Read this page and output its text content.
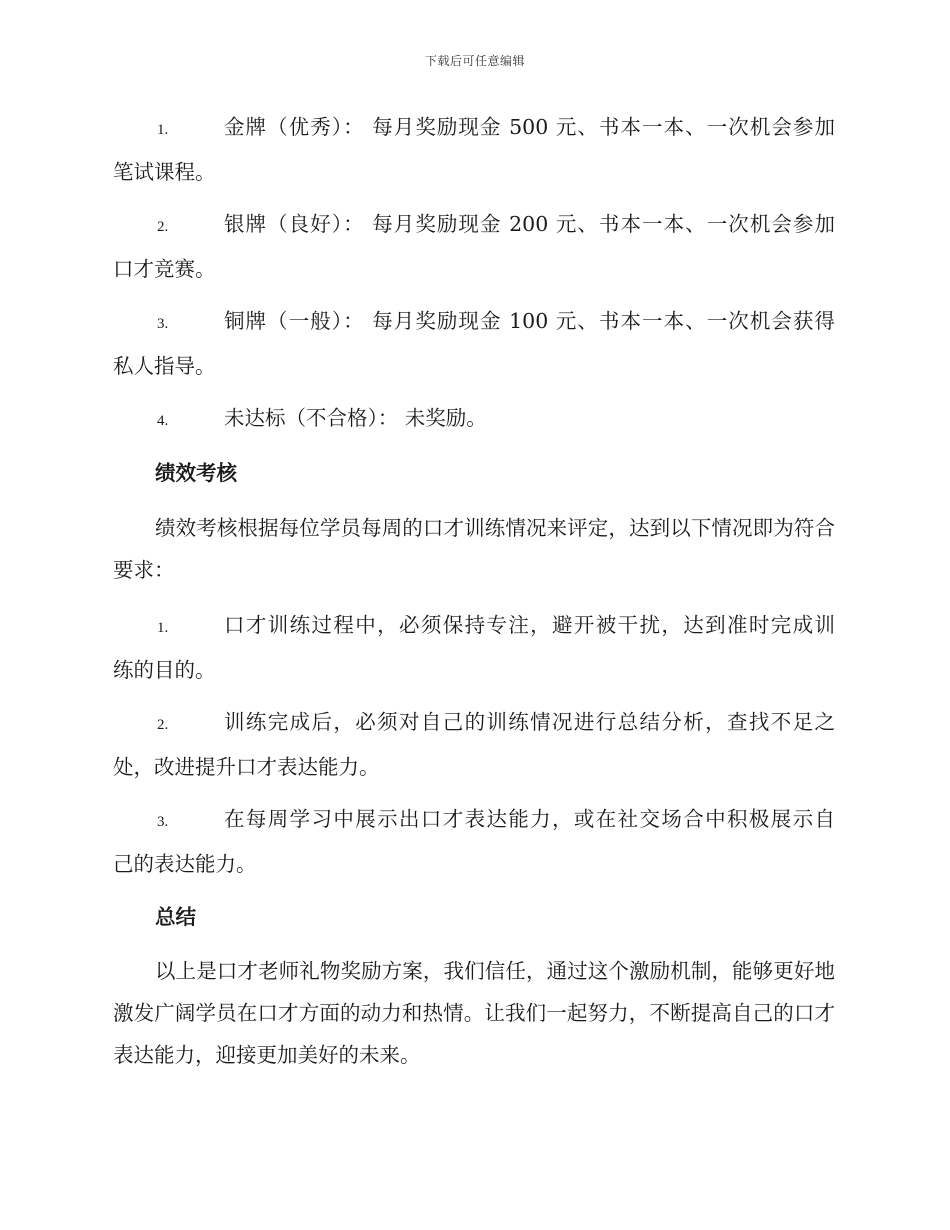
下载后可任意编辑
1.	金牌（优秀）： 每月奖励现金 500 元、书本一本、一次机会参加
笔试课程。
2.	银牌（良好）： 每月奖励现金 200 元、书本一本、一次机会参加
口才竞赛。
3.	铜牌（一般）： 每月奖励现金 100 元、书本一本、一次机会获得
私人指导。
4.	未达标（不合格）： 未奖励。
绩效考核

绩效考核根据每位学员每周的口才训练情况来评定，达到以下情况即为符合要求：

1.	口才训练过程中，必须保持专注，避开被干扰，达到准时完成训
练的目的。
2.	训练完成后，必须对自己的训练情况进行总结分析，查找不足之
处，改进提升口才表达能力。
3.	在每周学习中展示出口才表达能力，或在社交场合中积极展示自
己的表达能力。
总结

以上是口才老师礼物奖励方案，我们信任，通过这个激励机制，能够更好地激发广阔学员在口才方面的动力和热情。让我们一起努力，不断提高自己的口才表达能力，迎接更加美好的未来。
